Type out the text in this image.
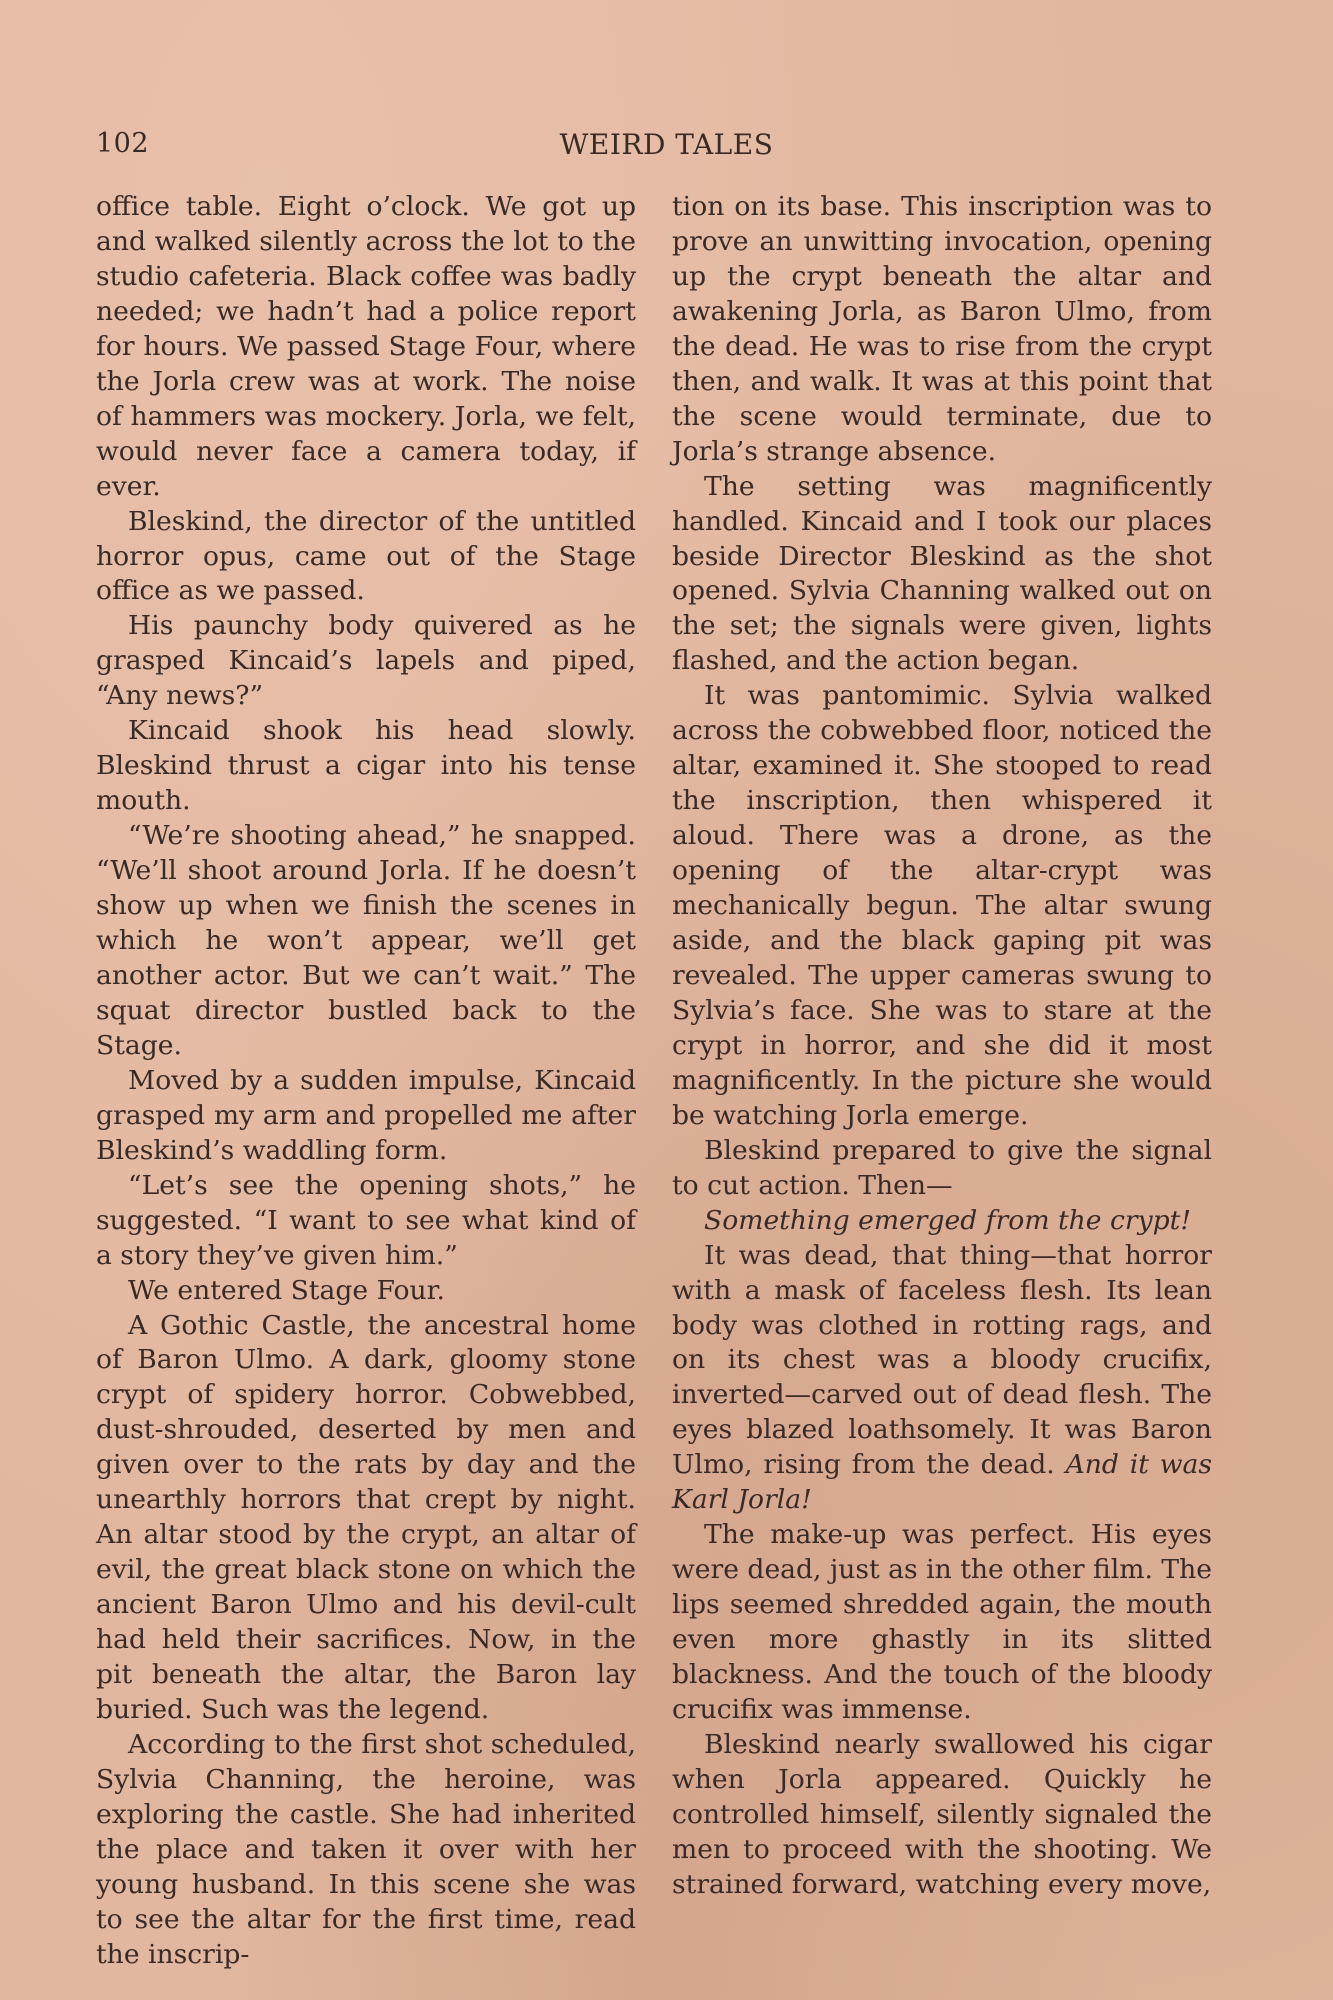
102	WEIRD TALES

office table. Eight o’clock. We got up and walked silently across the lot to the studio cafeteria. Black coffee was badly needed; we hadn’t had a police report for hours. We passed Stage Four, where the Jorla crew was at work. The noise of hammers was mockery. Jorla, we felt, would never face a camera today, if ever.

Bleskind, the director of the untitled horror opus, came out of the Stage office as we passed.

His paunchy body quivered as he grasped Kincaid’s lapels and piped, “Any news?”

Kincaid shook his head slowly. Bleskind thrust a cigar into his tense mouth.

“We’re shooting ahead,” he snapped. “We’ll shoot around Jorla. If he doesn’t show up when we finish the scenes in which he won’t appear, we’ll get another actor. But we can’t wait.” The squat director bustled back to the Stage.

Moved by a sudden impulse, Kincaid grasped my arm and propelled me after Bleskind’s waddling form.

“Let’s see the opening shots,” he suggested. “I want to see what kind of a story they’ve given him.”

We entered Stage Four.

A Gothic Castle, the ancestral home of Baron Ulmo. A dark, gloomy stone crypt of spidery horror. Cobwebbed, dust-shrouded, deserted by men and given over to the rats by day and the unearthly horrors that crept by night. An altar stood by the crypt, an altar of evil, the great black stone on which the ancient Baron Ulmo and his devil-cult had held their sacrifices. Now, in the pit beneath the altar, the Baron lay buried. Such was the legend.

According to the first shot scheduled, Sylvia Channing, the heroine, was exploring the castle. She had inherited the place and taken it over with her young husband. In this scene she was to see the altar for the first time, read the inscrip-

tion on its base. This inscription was to prove an unwitting invocation, opening up the crypt beneath the altar and awakening Jorla, as Baron Ulmo, from the dead. He was to rise from the crypt then, and walk. It was at this point that the scene would terminate, due to Jorla’s strange absence.

The setting was magnificently handled. Kincaid and I took our places beside Director Bleskind as the shot opened. Sylvia Channing walked out on the set; the signals were given, lights flashed, and the action began.

It was pantomimic. Sylvia walked across the cobwebbed floor, noticed the altar, examined it. She stooped to read the inscription, then whispered it aloud. There was a drone, as the opening of the altar-crypt was mechanically begun. The altar swung aside, and the black gaping pit was revealed. The upper cameras swung to Sylvia’s face. She was to stare at the crypt in horror, and she did it most magnificently. In the picture she would be watching Jorla emerge.

Bleskind prepared to give the signal to cut action. Then—

Something emerged from the crypt!

It was dead, that thing—that horror with a mask of faceless flesh. Its lean body was clothed in rotting rags, and on its chest was a bloody crucifix, inverted—carved out of dead flesh. The eyes blazed loathsomely. It was Baron Ulmo, rising from the dead. And it was Karl Jorla!

The make-up was perfect. His eyes were dead, just as in the other film. The lips seemed shredded again, the mouth even more ghastly in its slitted blackness. And the touch of the bloody crucifix was immense.

Bleskind nearly swallowed his cigar when Jorla appeared. Quickly he controlled himself, silently signaled the men to proceed with the shooting. We strained forward, watching every move,
